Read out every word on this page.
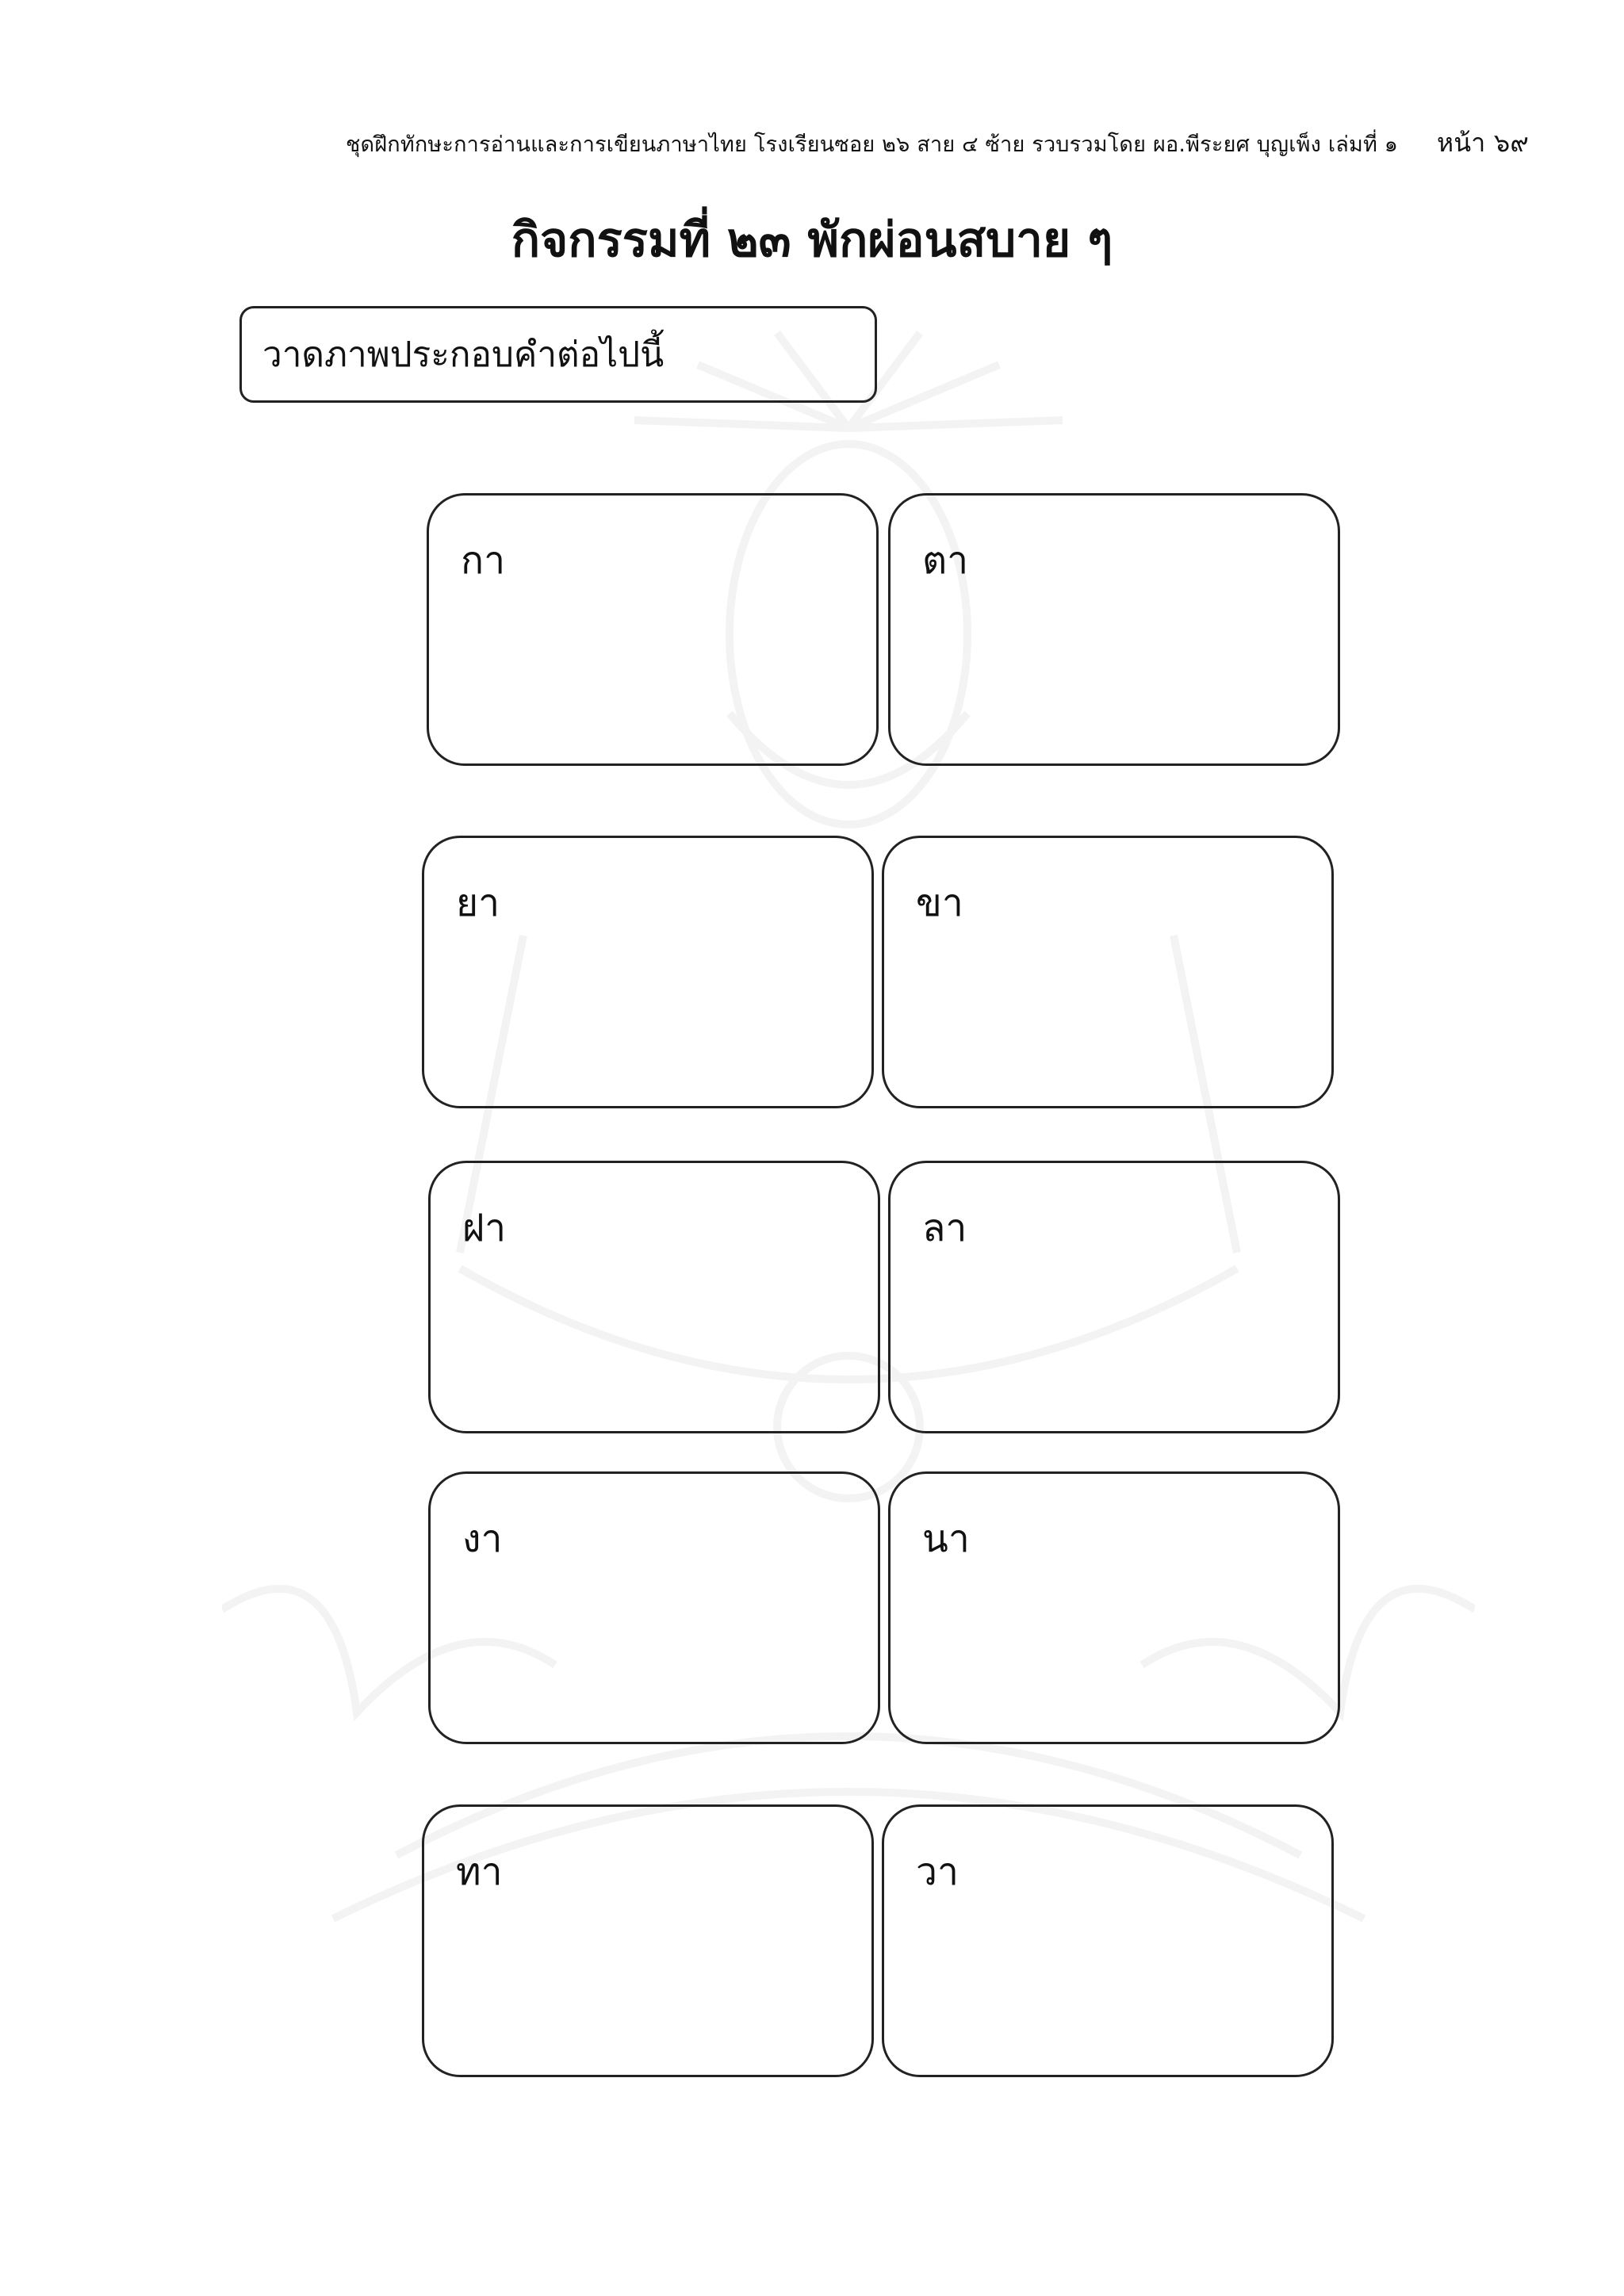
ชุดฝึกทักษะการอ่านและการเขียนภาษาไทย โรงเรียนซอย ๒๖ สาย ๔ ซ้าย รวบรวมโดย ผอ.พีระยศ บุญเพ็ง เล่มที่ ๑ หน้า ๖๙
กิจกรรมที่ ๒๓ พักผ่อนสบาย ๆ
วาดภาพประกอบคำต่อไปนี้
กา	ตา
ยา	ขา
ฝา	ลา
งา	นา
ทา	วา
